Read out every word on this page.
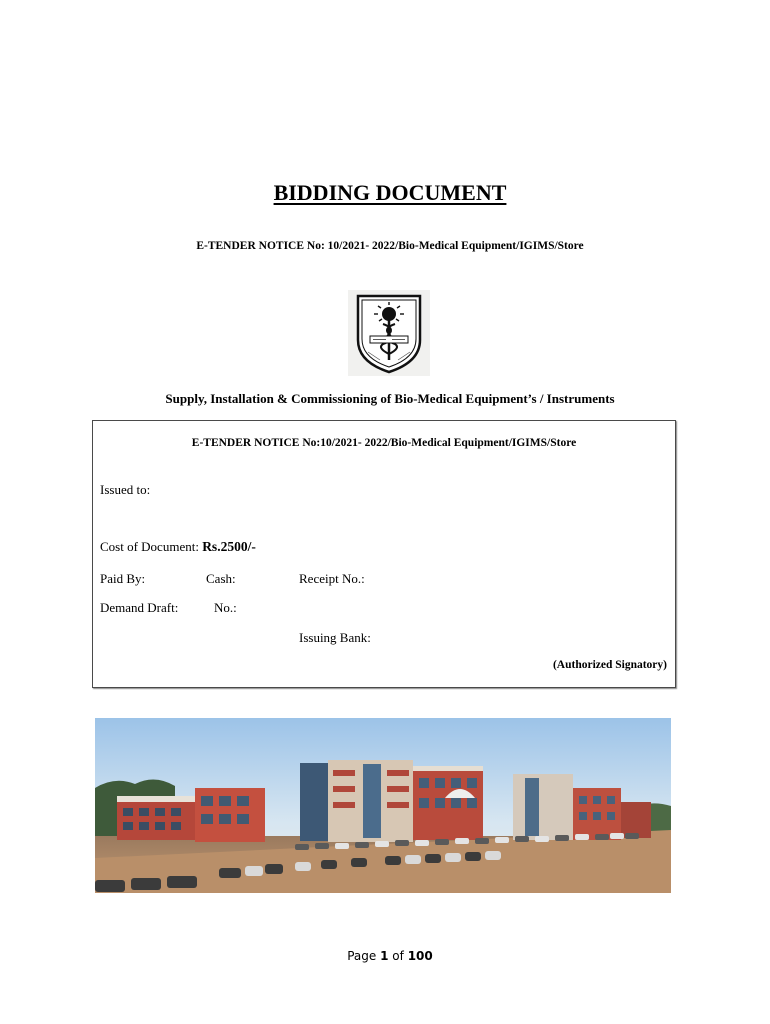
BIDDING DOCUMENT
E-TENDER NOTICE No: 10/2021- 2022/Bio-Medical Equipment/IGIMS/Store
Supply, Installation & Commissioning of Bio-Medical Equipment’s / Instruments
E-TENDER NOTICE No:10/2021- 2022/Bio-Medical Equipment/IGIMS/Store
Issued to:
Cost of Document: Rs.2500/-
Paid By:	Cash:	Receipt No.:
Demand Draft:	No.:
Issuing Bank:
(Authorized Signatory)
Page 1 of 100
